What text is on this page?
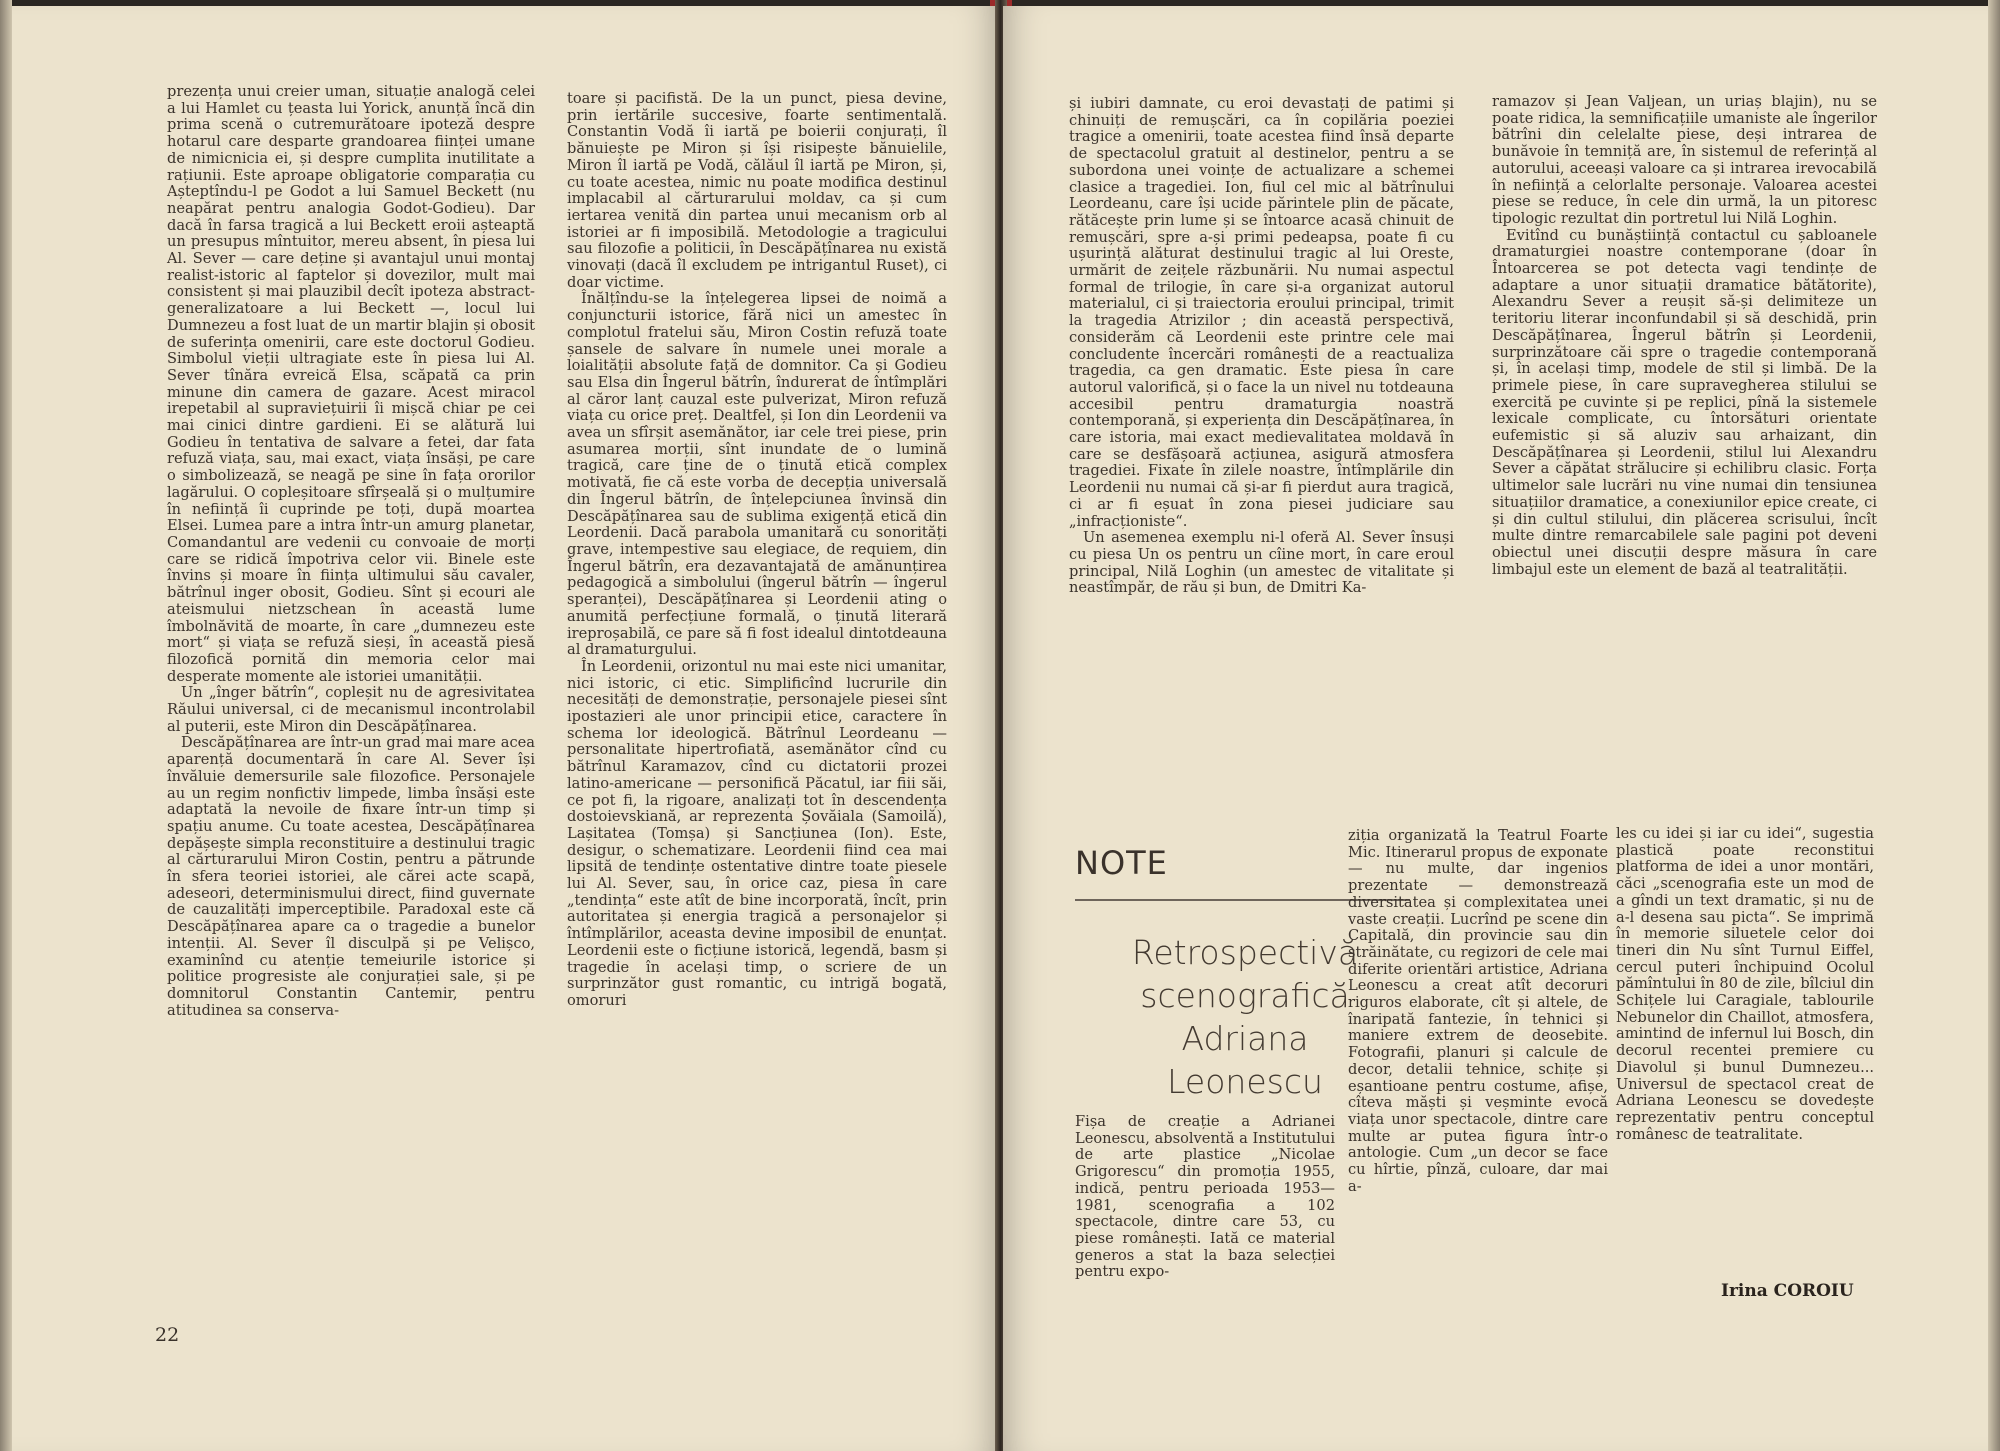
prezența unui creier uman, situație analogă celei a lui Hamlet cu țeasta lui Yorick, anunță încă din prima scenă o cutremurătoare ipoteză despre hotarul care desparte grandoarea ființei umane de nimicnicia ei, și despre cumplita inutilitate a rațiunii. Este aproape obligatorie comparația cu Așteptîndu-l pe Godot a lui Samuel Beckett (nu neapărat pentru analogia Godot-Godieu). Dar dacă în farsa tragică a lui Beckett eroii așteaptă un presupus mîntuitor, mereu absent, în piesa lui Al. Sever — care deține și avantajul unui montaj realist-istoric al faptelor și dovezilor, mult mai consistent și mai plauzibil decît ipoteza abstract-generalizatoare a lui Beckett —, locul lui Dumnezeu a fost luat de un martir blajin și obosit de suferința omenirii, care este doctorul Godieu. Simbolul vieții ultragiate este în piesa lui Al. Sever tînăra evreică Elsa, scăpată ca prin minune din camera de gazare. Acest miracol irepetabil al supraviețuirii îi mișcă chiar pe cei mai cinici dintre gardieni. Ei se alătură lui Godieu în tentativa de salvare a fetei, dar fata refuză viața, sau, mai exact, viața însăși, pe care o simbolizează, se neagă pe sine în fața ororilor lagărului. O copleșitoare sfîrșeală și o mulțumire în neființă îi cuprinde pe toți, după moartea Elsei. Lumea pare a intra într-un amurg planetar, Comandantul are vedenii cu convoaie de morți care se ridică împotriva celor vii. Binele este învins și moare în ființa ultimului său cavaler, bătrînul inger obosit, Godieu. Sînt și ecouri ale ateismului nietzschean în această lume îmbolnăvită de moarte, în care „dumnezeu este mort“ și viața se refuză sieși, în această piesă filozofică pornită din memoria celor mai desperate momente ale istoriei umanității.

Un „înger bătrîn“, copleșit nu de agresivitatea Răului universal, ci de mecanismul incontrolabil al puterii, este Miron din Descăpățînarea.

Descăpățînarea are într-un grad mai mare acea aparență documentară în care Al. Sever își învăluie demersurile sale filozofice. Personajele au un regim nonfictiv limpede, limba însăși este adaptată la nevoile de fixare într-un timp și spațiu anume. Cu toate acestea, Descăpățînarea depășește simpla reconstituire a destinului tragic al cărturarului Miron Costin, pentru a pătrunde în sfera teoriei istoriei, ale cărei acte scapă, adeseori, determinismului direct, fiind guvernate de cauzalități imperceptibile. Paradoxal este că Descăpățînarea apare ca o tragedie a bunelor intenții. Al. Sever îl disculpă și pe Velișco, examinînd cu atenție temeiurile istorice și politice progresiste ale conjurației sale, și pe domnitorul Constantin Cantemir, pentru atitudinea sa conserva-

toare și pacifistă. De la un punct, piesa devine, prin iertările succesive, foarte sentimentală. Constantin Vodă îi iartă pe boierii conjurați, îl bănuiește pe Miron și își risipește bănuielile, Miron îl iartă pe Vodă, călăul îl iartă pe Miron, și, cu toate acestea, nimic nu poate modifica destinul implacabil al cărturarului moldav, ca și cum iertarea venită din partea unui mecanism orb al istoriei ar fi imposibilă. Metodologie a tragicului sau filozofie a politicii, în Descăpățînarea nu există vinovați (dacă îl excludem pe intrigantul Ruset), ci doar victime.

Înălțîndu-se la înțelegerea lipsei de noimă a conjuncturii istorice, fără nici un amestec în complotul fratelui său, Miron Costin refuză toate șansele de salvare în numele unei morale a loialității absolute față de domnitor. Ca și Godieu sau Elsa din Îngerul bătrîn, îndurerat de întîmplări al căror lanț cauzal este pulverizat, Miron refuză viața cu orice preț. Dealtfel, și Ion din Leordenii va avea un sfîrșit asemănător, iar cele trei piese, prin asumarea morții, sînt inundate de o lumină tragică, care ține de o ținută etică complex motivată, fie că este vorba de decepția universală din Îngerul bătrîn, de înțelepciunea învinsă din Descăpățînarea sau de sublima exigență etică din Leordenii. Dacă parabola umanitară cu sonorități grave, intempestive sau elegiace, de requiem, din Îngerul bătrîn, era dezavantajată de amănunțirea pedagogică a simbolului (îngerul bătrîn — îngerul speranței), Descăpățînarea și Leordenii ating o anumită perfecțiune formală, o ținută literară ireproșabilă, ce pare să fi fost idealul dintotdeauna al dramaturgului.

În Leordenii, orizontul nu mai este nici umanitar, nici istoric, ci etic. Simplificînd lucrurile din necesități de demonstrație, personajele piesei sînt ipostazieri ale unor principii etice, caractere în schema lor ideologică. Bătrînul Leordeanu — personalitate hipertrofiată, asemănător cînd cu bătrînul Karamazov, cînd cu dictatorii prozei latino-americane — personifică Păcatul, iar fiii săi, ce pot fi, la rigoare, analizați tot în descendența dostoievskiană, ar reprezenta Șovăiala (Samoilă), Lașitatea (Tomșa) și Sancțiunea (Ion). Este, desigur, o schematizare. Leordenii fiind cea mai lipsită de tendințe ostentative dintre toate piesele lui Al. Sever, sau, în orice caz, piesa în care „tendința“ este atît de bine incorporată, încît, prin autoritatea și energia tragică a personajelor și întîmplărilor, aceasta devine imposibil de enunțat. Leordenii este o ficțiune istorică, legendă, basm și tragedie în același timp, o scriere de un surprinzător gust romantic, cu intrigă bogată, omoruri

22

și iubiri damnate, cu eroi devastați de patimi și chinuiți de remușcări, ca în copilăria poeziei tragice a omenirii, toate acestea fiind însă departe de spectacolul gratuit al destinelor, pentru a se subordona unei voințe de actualizare a schemei clasice a tragediei. Ion, fiul cel mic al bătrînului Leordeanu, care își ucide părintele plin de păcate, rătăcește prin lume și se întoarce acasă chinuit de remușcări, spre a-și primi pedeapsa, poate fi cu ușurință alăturat destinului tragic al lui Oreste, urmărit de zeițele răzbunării. Nu numai aspectul formal de trilogie, în care și-a organizat autorul materialul, ci și traiectoria eroului principal, trimit la tragedia Atrizilor ; din această perspectivă, considerăm că Leordenii este printre cele mai concludente încercări românești de a reactualiza tragedia, ca gen dramatic. Este piesa în care autorul valorifică, și o face la un nivel nu totdeauna accesibil pentru dramaturgia noastră contemporană, și experiența din Descăpățînarea, în care istoria, mai exact medievalitatea moldavă în care se desfășoară acțiunea, asigură atmosfera tragediei. Fixate în zilele noastre, întîmplările din Leordenii nu numai că și-ar fi pierdut aura tragică, ci ar fi eșuat în zona piesei judiciare sau „infracționiste“.

Un asemenea exemplu ni-l oferă Al. Sever însuși cu piesa Un os pentru un cîine mort, în care eroul principal, Nilă Loghin (un amestec de vitalitate și neastîmpăr, de rău și bun, de Dmitri Ka-

ramazov și Jean Valjean, un uriaș blajin), nu se poate ridica, la semnificațiile umaniste ale îngerilor bătrîni din celelalte piese, deși intrarea de bunăvoie în temniță are, în sistemul de referință al autorului, aceeași valoare ca și intrarea irevocabilă în neființă a celorlalte personaje. Valoarea acestei piese se reduce, în cele din urmă, la un pitoresc tipologic rezultat din portretul lui Nilă Loghin.

Evitînd cu bunăștiință contactul cu șabloanele dramaturgiei noastre contemporane (doar în Întoarcerea se pot detecta vagi tendințe de adaptare a unor situații dramatice bătătorite), Alexandru Sever a reușit să-și delimiteze un teritoriu literar inconfundabil și să deschidă, prin Descăpățînarea, Îngerul bătrîn și Leordenii, surprinzătoare căi spre o tragedie contemporană și, în același timp, modele de stil și limbă. De la primele piese, în care supravegherea stilului se exercită pe cuvinte și pe replici, pînă la sistemele lexicale complicate, cu întorsături orientate eufemistic și să aluziv sau arhaizant, din Descăpățînarea și Leordenii, stilul lui Alexandru Sever a căpătat strălucire și echilibru clasic. Forța ultimelor sale lucrări nu vine numai din tensiunea situațiilor dramatice, a conexiunilor epice create, ci și din cultul stilului, din plăcerea scrisului, încît multe dintre remarcabilele sale pagini pot deveni obiectul unei discuții despre măsura în care limbajul este un element de bază al teatralității.

NOTE
Retrospectivă
scenografică
Adriana
Leonescu

Fișa de creație a Adrianei Leonescu, absolventă a Institutului de arte plastice „Nicolae Grigorescu“ din promoția 1955, indică, pentru perioada 1953—1981, scenografia a 102 spectacole, dintre care 53, cu piese românești. Iată ce material generos a stat la baza selecției pentru expo-

ziția organizată la Teatrul Foarte Mic. Itinerarul propus de exponate — nu multe, dar ingenios prezentate — demonstrează diversitatea și complexitatea unei vaste creații. Lucrînd pe scene din Capitală, din provincie sau din străinătate, cu regizori de cele mai diferite orientări artistice, Adriana Leonescu a creat atît decoruri riguros elaborate, cît și altele, de înaripată fantezie, în tehnici și maniere extrem de deosebite. Fotografii, planuri și calcule de decor, detalii tehnice, schițe și eșantioane pentru costume, afișe, cîteva măști și veșminte evocă viața unor spectacole, dintre care multe ar putea figura într-o antologie. Cum „un decor se face cu hîrtie, pînză, culoare, dar mai a-

les cu idei și iar cu idei“, sugestia plastică poate reconstitui platforma de idei a unor montări, căci „scenografia este un mod de a gîndi un text dramatic, și nu de a-l desena sau picta“. Se imprimă în memorie siluetele celor doi tineri din Nu sînt Turnul Eiffel, cercul puteri închipuind Ocolul pămîntului în 80 de zile, bîlciul din Schițele lui Caragiale, tablourile Nebunelor din Chaillot, atmosfera, amintind de infernul lui Bosch, din decorul recentei premiere cu Diavolul și bunul Dumnezeu... Universul de spectacol creat de Adriana Leonescu se dovedește reprezentativ pentru conceptul românesc de teatralitate.

Irina COROIU
